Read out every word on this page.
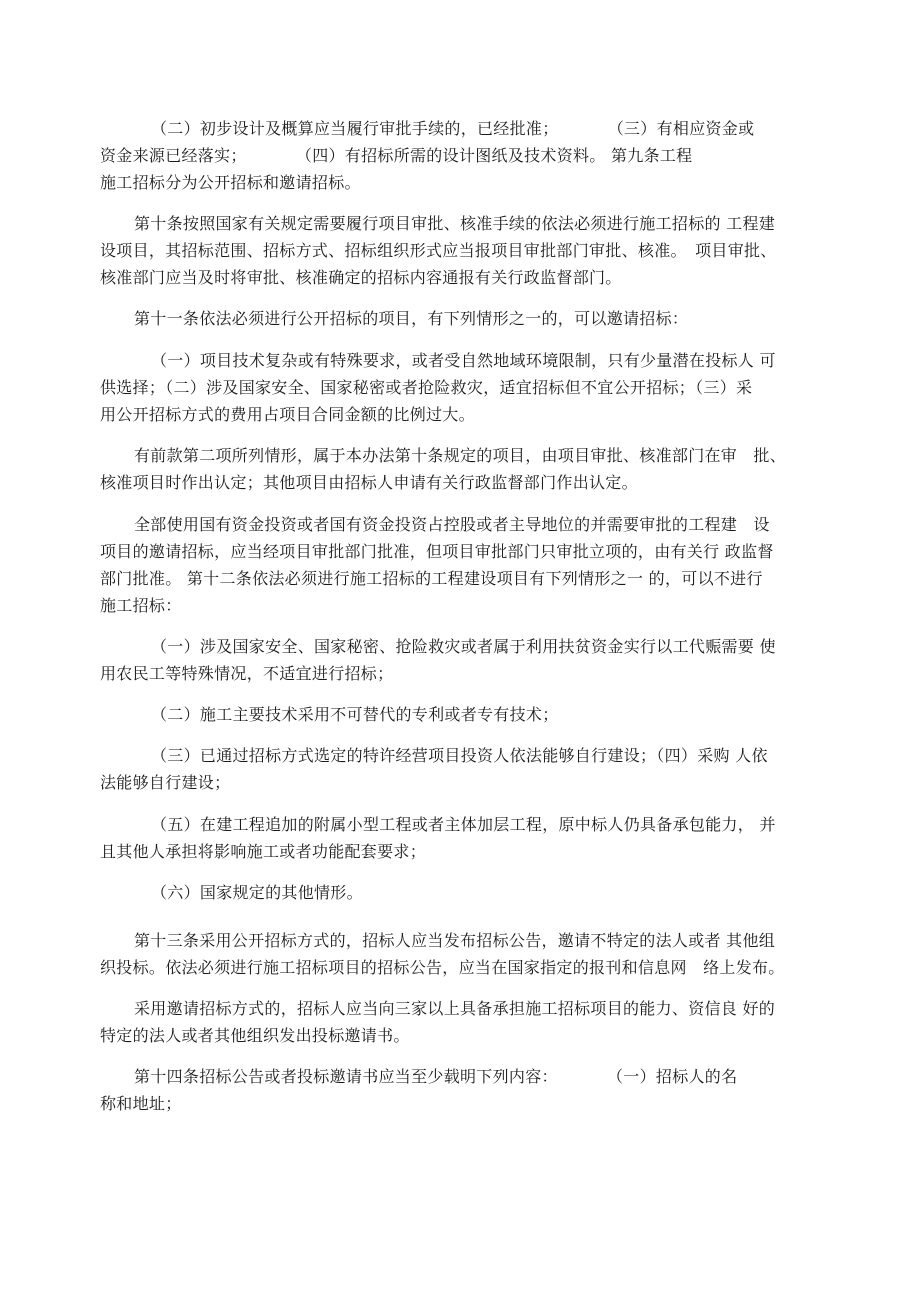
（二）初步设计及概算应当履行审批手续的，已经批准；　　　　（三）有相应资金或

资金来源已经落实；　　　　（四）有招标所需的设计图纸及技术资料。 第九条工程

施工招标分为公开招标和邀请招标。

第十条按照国家有关规定需要履行项目审批、核准手续的依法必须进行施工招标的 工程建

设项目，其招标范围、招标方式、招标组织形式应当报项目审批部门审批、核准。　项目审批、

核准部门应当及时将审批、核准确定的招标内容通报有关行政监督部门。

第十一条依法必须进行公开招标的项目，有下列情形之一的，可以邀请招标：

（一）项目技术复杂或有特殊要求，或者受自然地域环境限制，只有少量潜在投标人 可

供选择；（二）涉及国家安全、国家秘密或者抢险救灾，适宜招标但不宜公开招标；（三）采

用公开招标方式的费用占项目合同金额的比例过大。

有前款第二项所列情形，属于本办法第十条规定的项目，由项目审批、核准部门在审　批、

核准项目时作出认定；其他项目由招标人申请有关行政监督部门作出认定。

全部使用国有资金投资或者国有资金投资占控股或者主导地位的并需要审批的工程建　设

项目的邀请招标，应当经项目审批部门批准，但项目审批部门只审批立项的，由有关行 政监督

部门批准。 第十二条依法必须进行施工招标的工程建设项目有下列情形之一 的，可以不进行

施工招标：

（一）涉及国家安全、国家秘密、抢险救灾或者属于利用扶贫资金实行以工代赈需要 使

用农民工等特殊情况，不适宜进行招标；

（二）施工主要技术采用不可替代的专利或者专有技术；

（三）已通过招标方式选定的特许经营项目投资人依法能够自行建设；（四）采购 人依

法能够自行建设；

（五）在建工程追加的附属小型工程或者主体加层工程，原中标人仍具备承包能力， 并

且其他人承担将影响施工或者功能配套要求；

（六）国家规定的其他情形。

第十三条采用公开招标方式的，招标人应当发布招标公告，邀请不特定的法人或者 其他组

织投标。依法必须进行施工招标项目的招标公告，应当在国家指定的报刊和信息网　络上发布。

采用邀请招标方式的，招标人应当向三家以上具备承担施工招标项目的能力、资信良 好的

特定的法人或者其他组织发出投标邀请书。

第十四条招标公告或者投标邀请书应当至少载明下列内容：　　　　（一）招标人的名

称和地址；
